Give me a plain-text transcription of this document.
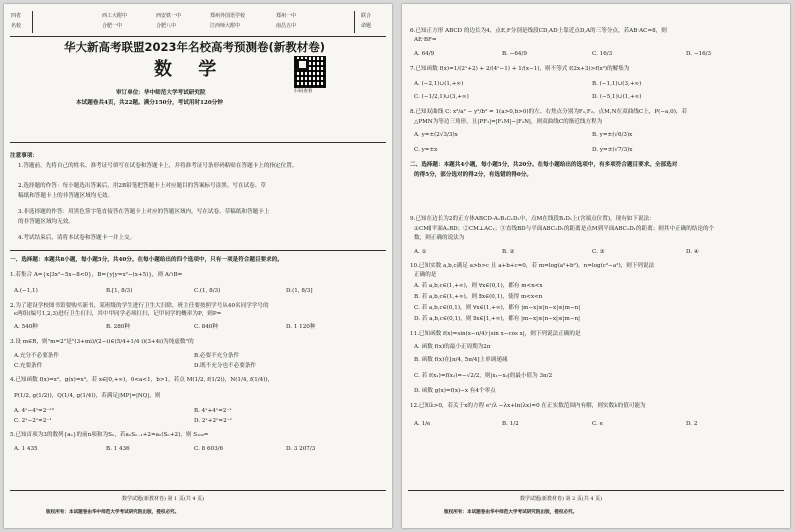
四省
名校
联合
命题
西工大附中	西安铁一中	郑州外国语学校	郑州一中
合肥一中	合肥八中	江西师大附中	南昌五中
华大新高考联盟2023年名校高考预测卷(新教材卷)
数 学
扫码查看
审订单位：华中师范大学考试研究院
本试题卷共4页，共22题。满分150分，考试用时120分钟
注意事项：
1.答题前，先将自己的姓名、准考证号填写在试卷和答题卡上，并将准考证号条形码粘贴在答题卡上的指定位置。
2.选择题的作答：每小题选出答案后，用2B铅笔把答题卡上对应题目的答案标号涂黑。写在试卷、草
稿纸和答题卡上的非答题区域均无效。
3.非选择题的作答：用黑色签字笔直接答在答题卡上对应的答题区域内。写在试卷、草稿纸和答题卡上
的非答题区域均无效。
4.考试结束后，请将本试卷和答题卡一并上交。
一、选择题：本题共8小题，每小题5分，共40分。在每小题给出的四个选项中，只有一项是符合题目要求的。
1.若集合 A={x|3x²−5x−8<0}，B={y|y=x²−(x+5)}，则 A∩B=
A.(−1,1)	B.[1, 8/3)	C.(1, 8/3)	D.(1, 8/3]
2.为了建设学校图书馆要购买新书，某班级的学生进行卫生大扫除，班主任要按照学号从40名同学学号的
ϵ两组(编号1,2,3)进行卫生打扫，其中甲同学必须打扫，记甲同学的概率为P，则P=
A. 540种	B. 280种	C. 840种	D. 1 120种
3.设 m∈R，则"m=2"是"(3+mi)/(2−i)∈(5/4+1/4 i)(3+4i)为纯虚数"的
A.充分不必要条件	B.必要不充分条件
C.充要条件	D.既不充分也不必要条件
4.已知函数 f(x)=x²，g(x)=x³，若 x∈[0,+∞)，0<a<1，b>1，若点 M(1/2, f(1/2))，N(1/4, f(1/4))，
P(1/2, g(1/2))，Q(1/4, g(1/4))，若满足|MP|=|NQ|，则
A. 4ˣ−4ˣ=2⁻ˣ²	B. 4ˣ+4ˣ=2⁻ˣ
C. 2ˣ−2ˣ=2⁻¹	D. 2ˣ+2ˣ=2⁻ˣ
5.已知首项为3的数列{aₙ}的前n项和为Sₙ，若aₙSₙ₋₁+2=aₙ(Sₙ+2)，则 S₁₀₀=
A. 1 435	B. 1 436	C. 8 603/6	D. 3 207/3
数学试题(新教材卷) 第 1 页(共 4 页)
版权所有：本试题卷由华中师范大学考试研究院出版，侵权必究。
6.已知正方形 ABCD 的边长为4，点E,F分别是线段CD,AD上靠近点D,A的三等分点，若AB·AC=8，则
AE·BF=
A. 64/9	B. −64/9	C. 16/3	D. −16/3
7.已知函数 f(x)=1/(2ˣ+2) + 2/(4ˣ−1) + 1/(x−1)，则不等式 f(2x+3)>f(x²)的解集为
A. (−2,1)∪(1,+∞)	B. (−1,1)∪(3,+∞)
C. (−1/2,1)∪(3,+∞)	D. (−5,1)∪(1,+∞)
8.已知双曲线 C: x²/a² − y²/b² = 1(a>0,b>0)的左、右焦点分别为F₁,F₂，点M,N在双曲线C上，P(−a,0)，若
△PMN为等边三角形，且|PF₁|=|F₁M|−|F₂N|，则双曲线C的渐近线方程为
A. y=±(2√3/3)x	B. y=±(√6/3)x
C. y=±x	D. y=±(√7/3)x
①CM∥平面A₁BD；②CM⊥AC₁；③直线BD与平面ABC₁D₁的距离是点M到平面ABC₁D₁的距离；则其中正确的结论的个
数，则正确的说法为
A. ①	B. ②	C. ③	D. ④
10.已知实数 a,b,c满足 a>b>c 且 a+b+c=0，若 m=log(a²+b²)，n=log(c²−a²)，则下列说法
正确的是
A. 若 a,b,c∈(1,+∞)，则 ∀x∈(0,1)，都有 m<n<x
B. 若 a,b,c∈(1,+∞)，则 ∃x∈(0,1)，使得 m<x<n
C. 若 a,b,c∈(0,1)，则 ∀x∈(1,+∞)，都有 |m−x|≤|n−x|≤|m−n|
D. 若 a,b,c∈(0,1)，则 ∃x∈[1,+∞)，都有 |m−x|≤|n−x|≤|m−n|
11.已知函数 f(x)=sin(x−π/4)·|sin x−cos x|，则下列说法正确的是
A. 函数 f(x)的最小正周期为2π
B. 函数 f(x)在[π/4, 5π/4]上单调递减
C. 若 f(x₁)=f(x₂)=−√2/2，则|x₁−x₂|的最小值为 3π/2
D. 函数 g(x)=f(x)−x 有4个零点
12.已知λ>0，若关于x的方程 eˣ/λ −λx+ln(λx)=0 在正实数范围内有解，则实数λ的值可能为
A. 1/e	B. 1/2	C. e	D. 2
二、选择题：本题共4小题，每小题5分，共20分。在每小题给出的选项中，有多项符合题目要求。全部选对
的得5分，部分选对的得2分，有选错的得0分。
9.已知在边长为2的正方体ABCD-A₁B₁C₁D₁中，点M在线段B₁D₁上(含端点位置)，现有如下说法：
数学试题(新教材卷) 第 2 页(共 4 页)
版权所有：本试题卷由华中师范大学考试研究院出版，侵权必究。
